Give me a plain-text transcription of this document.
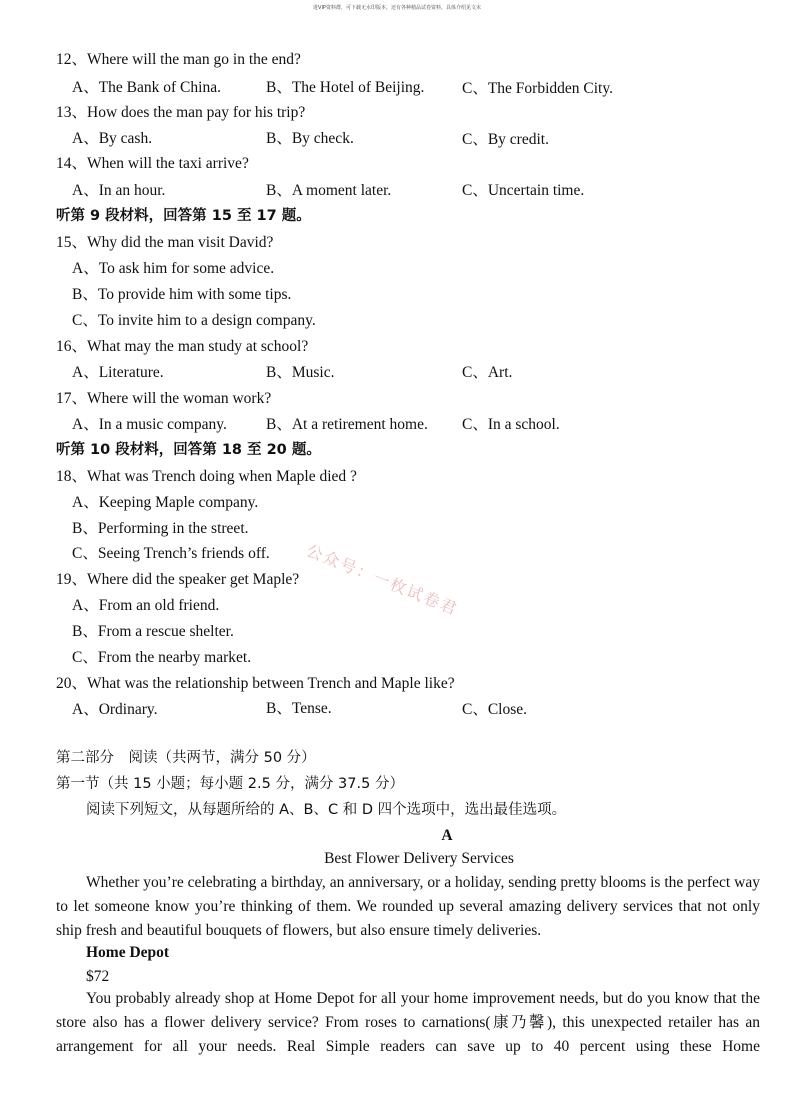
进VIP资料群，可下载无水印版本，还有各种精品试卷资料，具体介绍见文末
12、Where will the man go in the end?
A、The Bank of China.	B、The Hotel of Beijing. C、The Forbidden City.
13、How does the man pay for his trip?
A、By cash.	B、By check.	C、By credit.
14、When will the taxi arrive?
A、In an hour.	B、A moment later.	C、Uncertain time.
听第 9 段材料，回答第 15 至 17 题。
15、Why did the man visit David?
A、To ask him for some advice.
B、To provide him with some tips.
C、To invite him to a design company.
16、What may the man study at school?
A、Literature.	B、Music.	C、Art.
17、Where will the woman work?
A、In a music company.	B、At a retirement home. C、In a school.
听第 10 段材料，回答第 18 至 20 题。
18、What was Trench doing when Maple died ?
A、Keeping Maple company.
B、Performing in the street.
C、Seeing Trench’s friends off.
19、Where did the speaker get Maple?
A、From an old friend.
B、From a rescue shelter.
C、From the nearby market.
20、What was the relationship between Trench and Maple like?
A、Ordinary.	B、Tense.	C、Close.
公众号：一枚试卷君
第二部分　阅读（共两节，满分 50 分）
第一节（共 15 小题；每小题 2.5 分，满分 37.5 分）
阅读下列短文，从每题所给的 A、B、C 和 D 四个选项中，选出最佳选项。
A
Best Flower Delivery Services
Whether you’re celebrating a birthday, an anniversary, or a holiday, sending pretty blooms is the perfect way to let someone know you’re thinking of them. We rounded up several amazing delivery services that not only ship fresh and beautiful bouquets of flowers, but also ensure timely deliveries.
Home Depot
$72
You probably already shop at Home Depot for all your home improvement needs, but do you know that the store also has a flower delivery service? From roses to carnations(康乃馨), this unexpected retailer has an arrangement for all your needs. Real Simple readers can save up to 40 percent using these Home
